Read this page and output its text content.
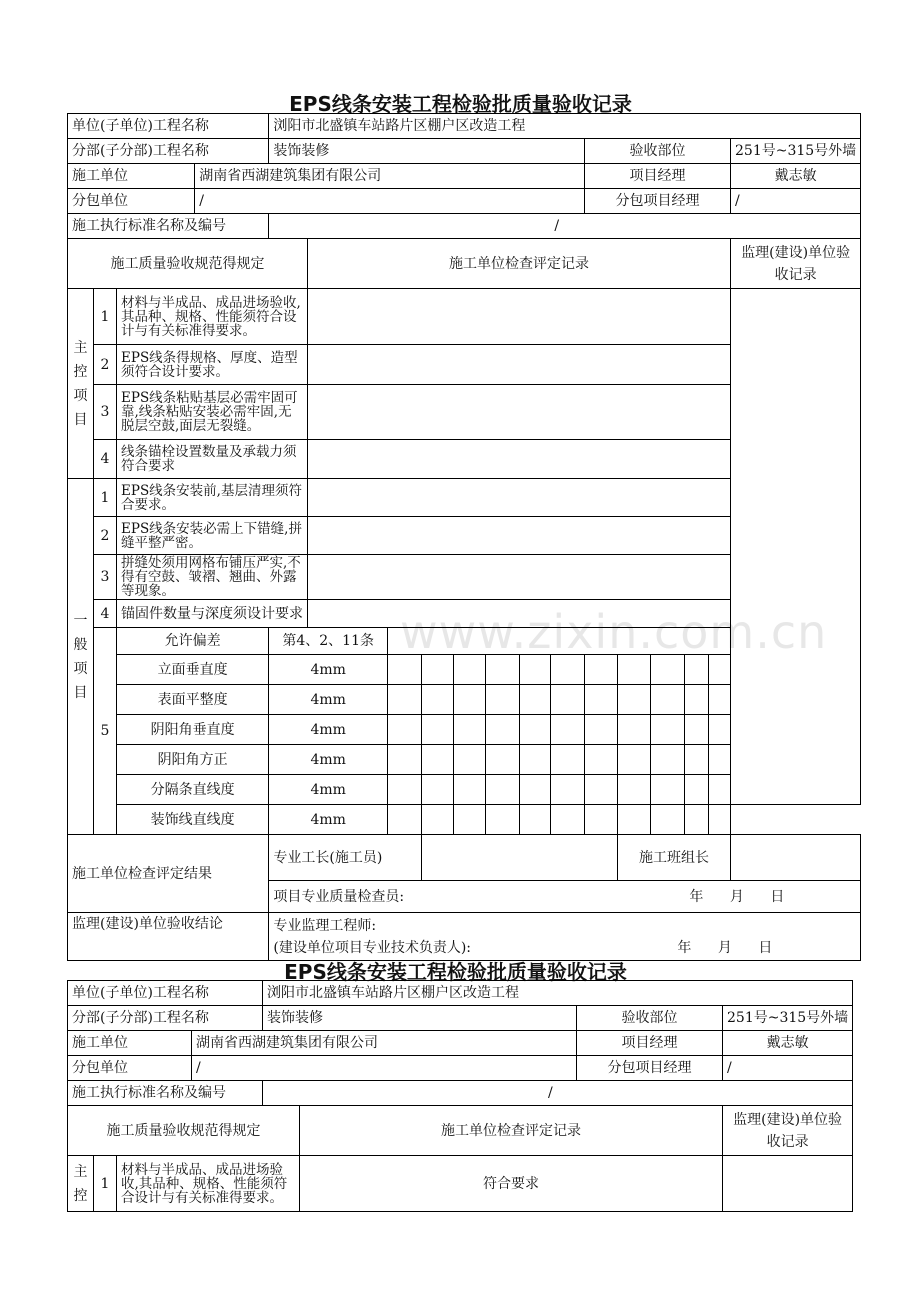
www.zixin.com.cn
EPS线条安装工程检验批质量验收记录
单位(子单位)工程名称				浏阳市北盛镇车站路片区棚户区改造工程													
分部(子分部)工程名称				装饰装修								验收部位					251号~315号外墙
施工单位			湖南省西湖建筑集团有限公司									项目经理					戴志敏
分包单位			/									分包项目经理					/
施工执行标准名称及编号				/													
施工质量验收规范得规定					施工单位检查评定记录												监理(建设)单位验收记录

主控项目	1	材料与半成品、成品进场验收,其品种、规格、性能须符合设计与有关标准得要求。															
	2	EPS线条得规格、厚度、造型须符合设计要求。															
	3	EPS线条粘贴基层必需牢固可靠,线条粘贴安装必需牢固,无脱层空鼓,面层无裂缝。															
	4	线条锚栓设置数量及承载力须符合要求															

一般项目	1	EPS线条安装前,基层清理须符合要求。															
	2	EPS线条安装必需上下错缝,拼缝平整严密。															
	3	拼缝处须用网格布铺压严实,不得有空鼓、皱褶、翘曲、外露等现象。															
	4	锚固件数量与深度须设计要求															
	5	允许偏差		第4、2、11条													
		立面垂直度		4mm													
		表面平整度		4mm													
		阴阳角垂直度		4mm													
		阴阳角方正		4mm													
		分隔条直线度		4mm													
		装饰线直线度		4mm													
施工单位检查评定结果				专业工长(施工员)									施工班组长				

				项目专业质量检查员: 年 月 日													

监理(建设)单位验收结论				专业监理工程师:
(建设单位项目专业技术负责人): 年 月 日													
EPS线条安装工程检验批质量验收记录
单位(子单位)工程名称				浏阳市北盛镇车站路片区棚户区改造工程			
分部(子分部)工程名称				装饰装修		验收部位	251号~315号外墙
施工单位			湖南省西湖建筑集团有限公司			项目经理	戴志敏
分包单位			/			分包项目经理	/
施工执行标准名称及编号				/			
施工质量验收规范得规定					施工单位检查评定记录		监理(建设)单位验收记录

主控	1	材料与半成品、成品进场验收,其品种、规格、性能须符合设计与有关标准得要求。			符合要求		
